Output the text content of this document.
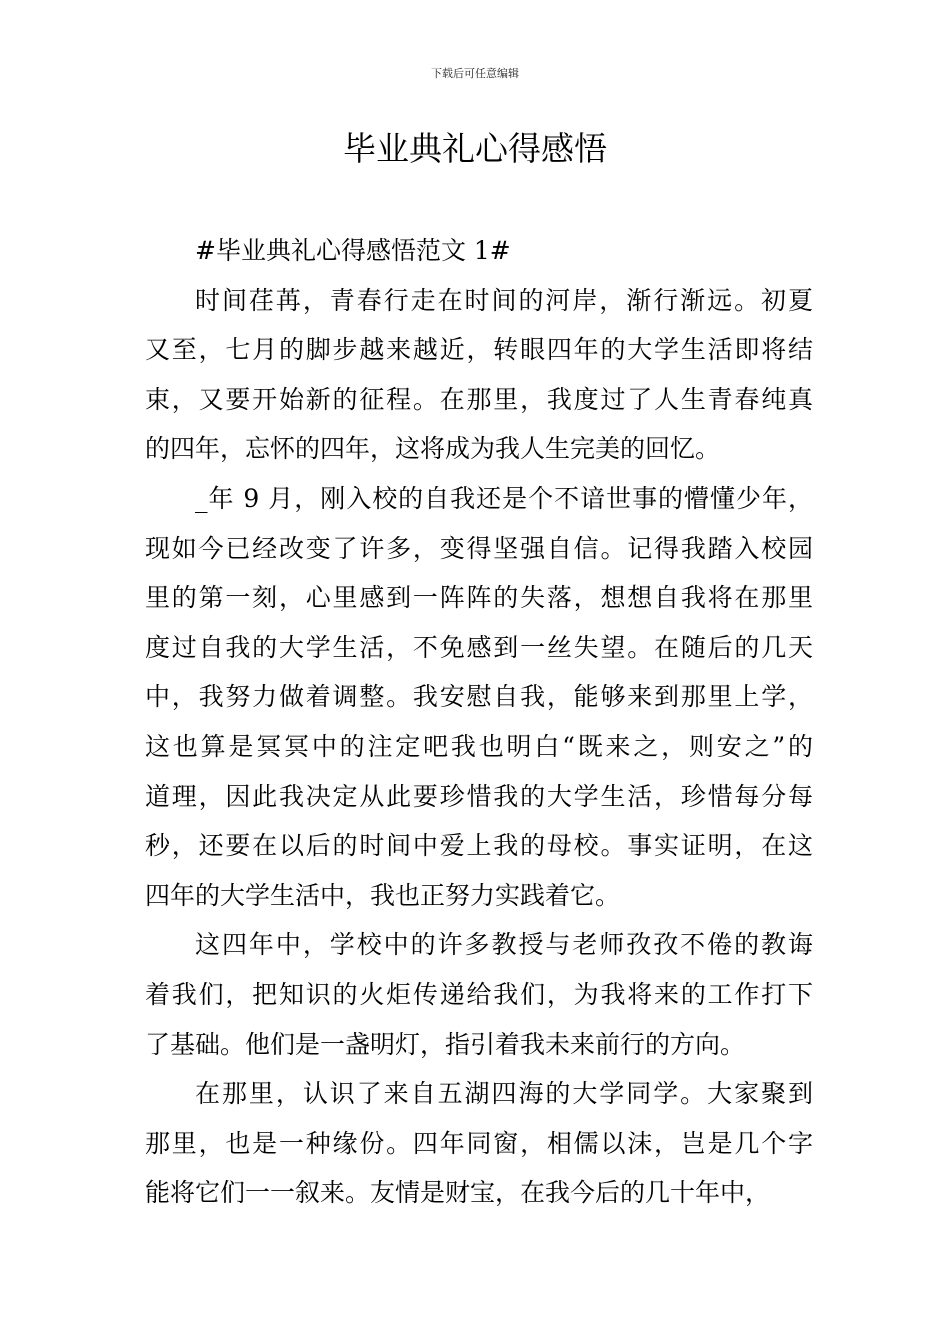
下载后可任意编辑
毕业典礼心得感悟
#毕业典礼心得感悟范文 1#
时间荏苒，青春行走在时间的河岸，渐行渐远。初夏
又至，七月的脚步越来越近，转眼四年的大学生活即将结
束，又要开始新的征程。在那里，我度过了人生青春纯真
的四年，忘怀的四年，这将成为我人生完美的回忆。
_年 9 月，刚入校的自我还是个不谙世事的懵懂少年，
现如今已经改变了许多，变得坚强自信。记得我踏入校园
里的第一刻，心里感到一阵阵的失落，想想自我将在那里
度过自我的大学生活，不免感到一丝失望。在随后的几天
中，我努力做着调整。我安慰自我，能够来到那里上学，
这也算是冥冥中的注定吧我也明白“既来之，则安之”的
道理，因此我决定从此要珍惜我的大学生活，珍惜每分每
秒，还要在以后的时间中爱上我的母校。事实证明，在这
四年的大学生活中，我也正努力实践着它。
这四年中，学校中的许多教授与老师孜孜不倦的教诲
着我们，把知识的火炬传递给我们，为我将来的工作打下
了基础。他们是一盏明灯，指引着我未来前行的方向。
在那里，认识了来自五湖四海的大学同学。大家聚到
那里，也是一种缘份。四年同窗，相儒以沫，岂是几个字
能将它们一一叙来。友情是财宝，在我今后的几十年中，
